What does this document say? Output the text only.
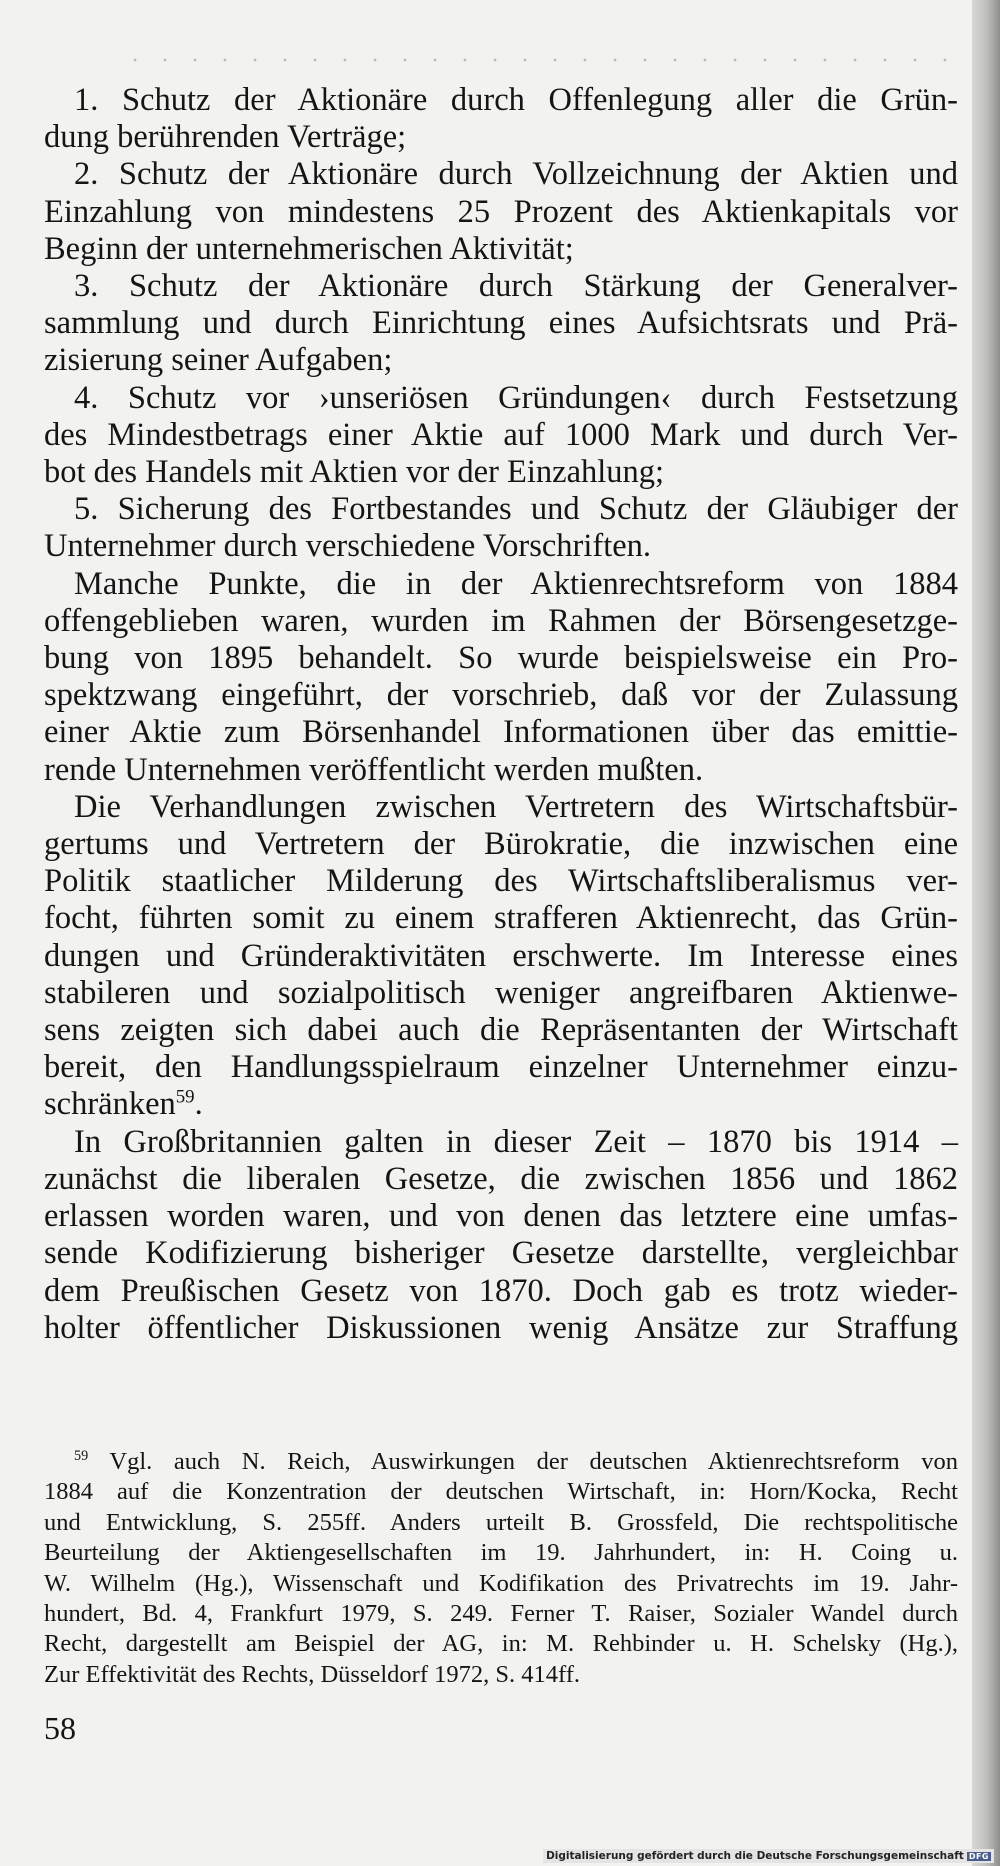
1. Schutz der Aktionäre durch Offenlegung aller die Grün-
dung berührenden Verträge;
2. Schutz der Aktionäre durch Vollzeichnung der Aktien und
Einzahlung von mindestens 25 Prozent des Aktienkapitals vor
Beginn der unternehmerischen Aktivität;
3. Schutz der Aktionäre durch Stärkung der Generalver-
sammlung und durch Einrichtung eines Aufsichtsrats und Prä-
zisierung seiner Aufgaben;
4. Schutz vor ›unseriösen Gründungen‹ durch Festsetzung
des Mindestbetrags einer Aktie auf 1000 Mark und durch Ver-
bot des Handels mit Aktien vor der Einzahlung;
5. Sicherung des Fortbestandes und Schutz der Gläubiger der
Unternehmer durch verschiedene Vorschriften.
Manche Punkte, die in der Aktienrechtsreform von 1884
offengeblieben waren, wurden im Rahmen der Börsengesetzge-
bung von 1895 behandelt. So wurde beispielsweise ein Pro-
spektzwang eingeführt, der vorschrieb, daß vor der Zulassung
einer Aktie zum Börsenhandel Informationen über das emittie-
rende Unternehmen veröffentlicht werden mußten.
Die Verhandlungen zwischen Vertretern des Wirtschaftsbür-
gertums und Vertretern der Bürokratie, die inzwischen eine
Politik staatlicher Milderung des Wirtschaftsliberalismus ver-
focht, führten somit zu einem strafferen Aktienrecht, das Grün-
dungen und Gründeraktivitäten erschwerte. Im Interesse eines
stabileren und sozialpolitisch weniger angreifbaren Aktienwe-
sens zeigten sich dabei auch die Repräsentanten der Wirtschaft
bereit, den Handlungsspielraum einzelner Unternehmer einzu-
schränken$^{59}$.
In Großbritannien galten in dieser Zeit – 1870 bis 1914 –
zunächst die liberalen Gesetze, die zwischen 1856 und 1862
erlassen worden waren, und von denen das letztere eine umfas-
sende Kodifizierung bisheriger Gesetze darstellte, vergleichbar
dem Preußischen Gesetz von 1870. Doch gab es trotz wieder-
holter öffentlicher Diskussionen wenig Ansätze zur Straffung
$^{59}$ Vgl. auch N. Reich, Auswirkungen der deutschen Aktienrechtsreform von
1884 auf die Konzentration der deutschen Wirtschaft, in: Horn/Kocka, Recht
und Entwicklung, S. 255ff. Anders urteilt B. Grossfeld, Die rechtspolitische
Beurteilung der Aktiengesellschaften im 19. Jahrhundert, in: H. Coing u.
W. Wilhelm (Hg.), Wissenschaft und Kodifikation des Privatrechts im 19. Jahr-
hundert, Bd. 4, Frankfurt 1979, S. 249. Ferner T. Raiser, Sozialer Wandel durch
Recht, dargestellt am Beispiel der AG, in: M. Rehbinder u. H. Schelsky (Hg.),
Zur Effektivität des Rechts, Düsseldorf 1972, S. 414ff.
58
Digitalisierung gefördert durch die Deutsche Forschungsgemeinschaft DFG
